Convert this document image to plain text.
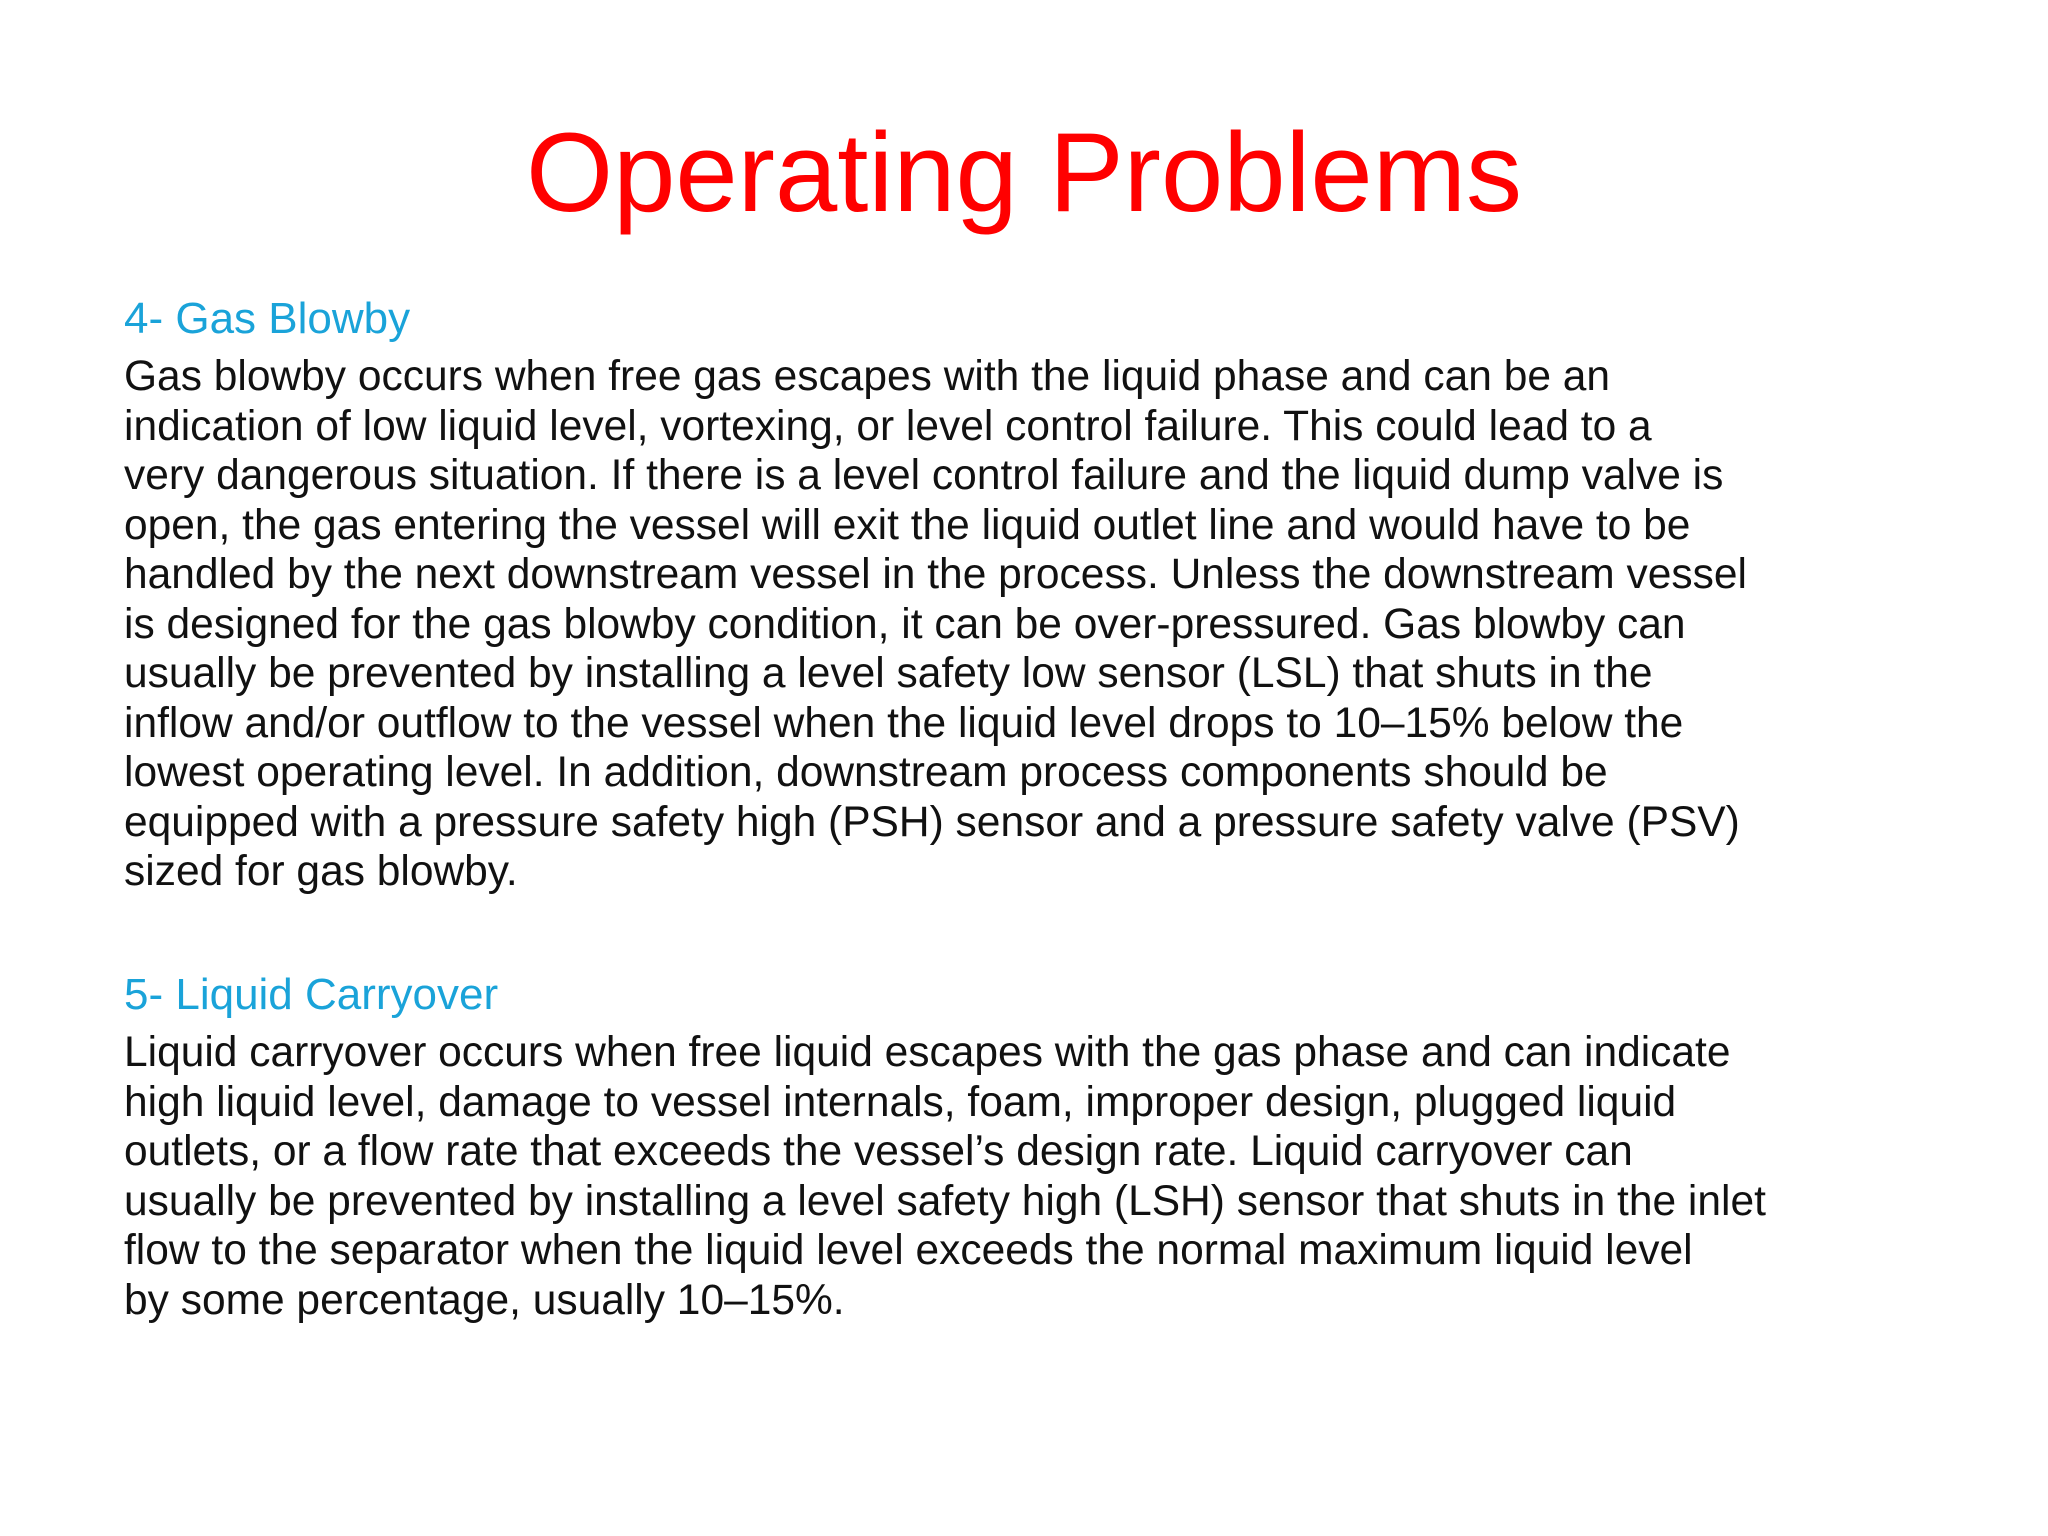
Operating Problems
4- Gas Blowby

Gas blowby occurs when free gas escapes with the liquid phase and can be an
indication of low liquid level, vortexing, or level control failure. This could lead to a
very dangerous situation. If there is a level control failure and the liquid dump valve is
open, the gas entering the vessel will exit the liquid outlet line and would have to be
handled by the next downstream vessel in the process. Unless the downstream vessel
is designed for the gas blowby condition, it can be over-pressured. Gas blowby can
usually be prevented by installing a level safety low sensor (LSL) that shuts in the
inflow and/or outflow to the vessel when the liquid level drops to 10–15% below the
lowest operating level. In addition, downstream process components should be
equipped with a pressure safety high (PSH) sensor and a pressure safety valve (PSV)
sized for gas blowby.

5- Liquid Carryover

Liquid carryover occurs when free liquid escapes with the gas phase and can indicate
high liquid level, damage to vessel internals, foam, improper design, plugged liquid
outlets, or a flow rate that exceeds the vessel’s design rate. Liquid carryover can
usually be prevented by installing a level safety high (LSH) sensor that shuts in the inlet
flow to the separator when the liquid level exceeds the normal maximum liquid level
by some percentage, usually 10–15%.
